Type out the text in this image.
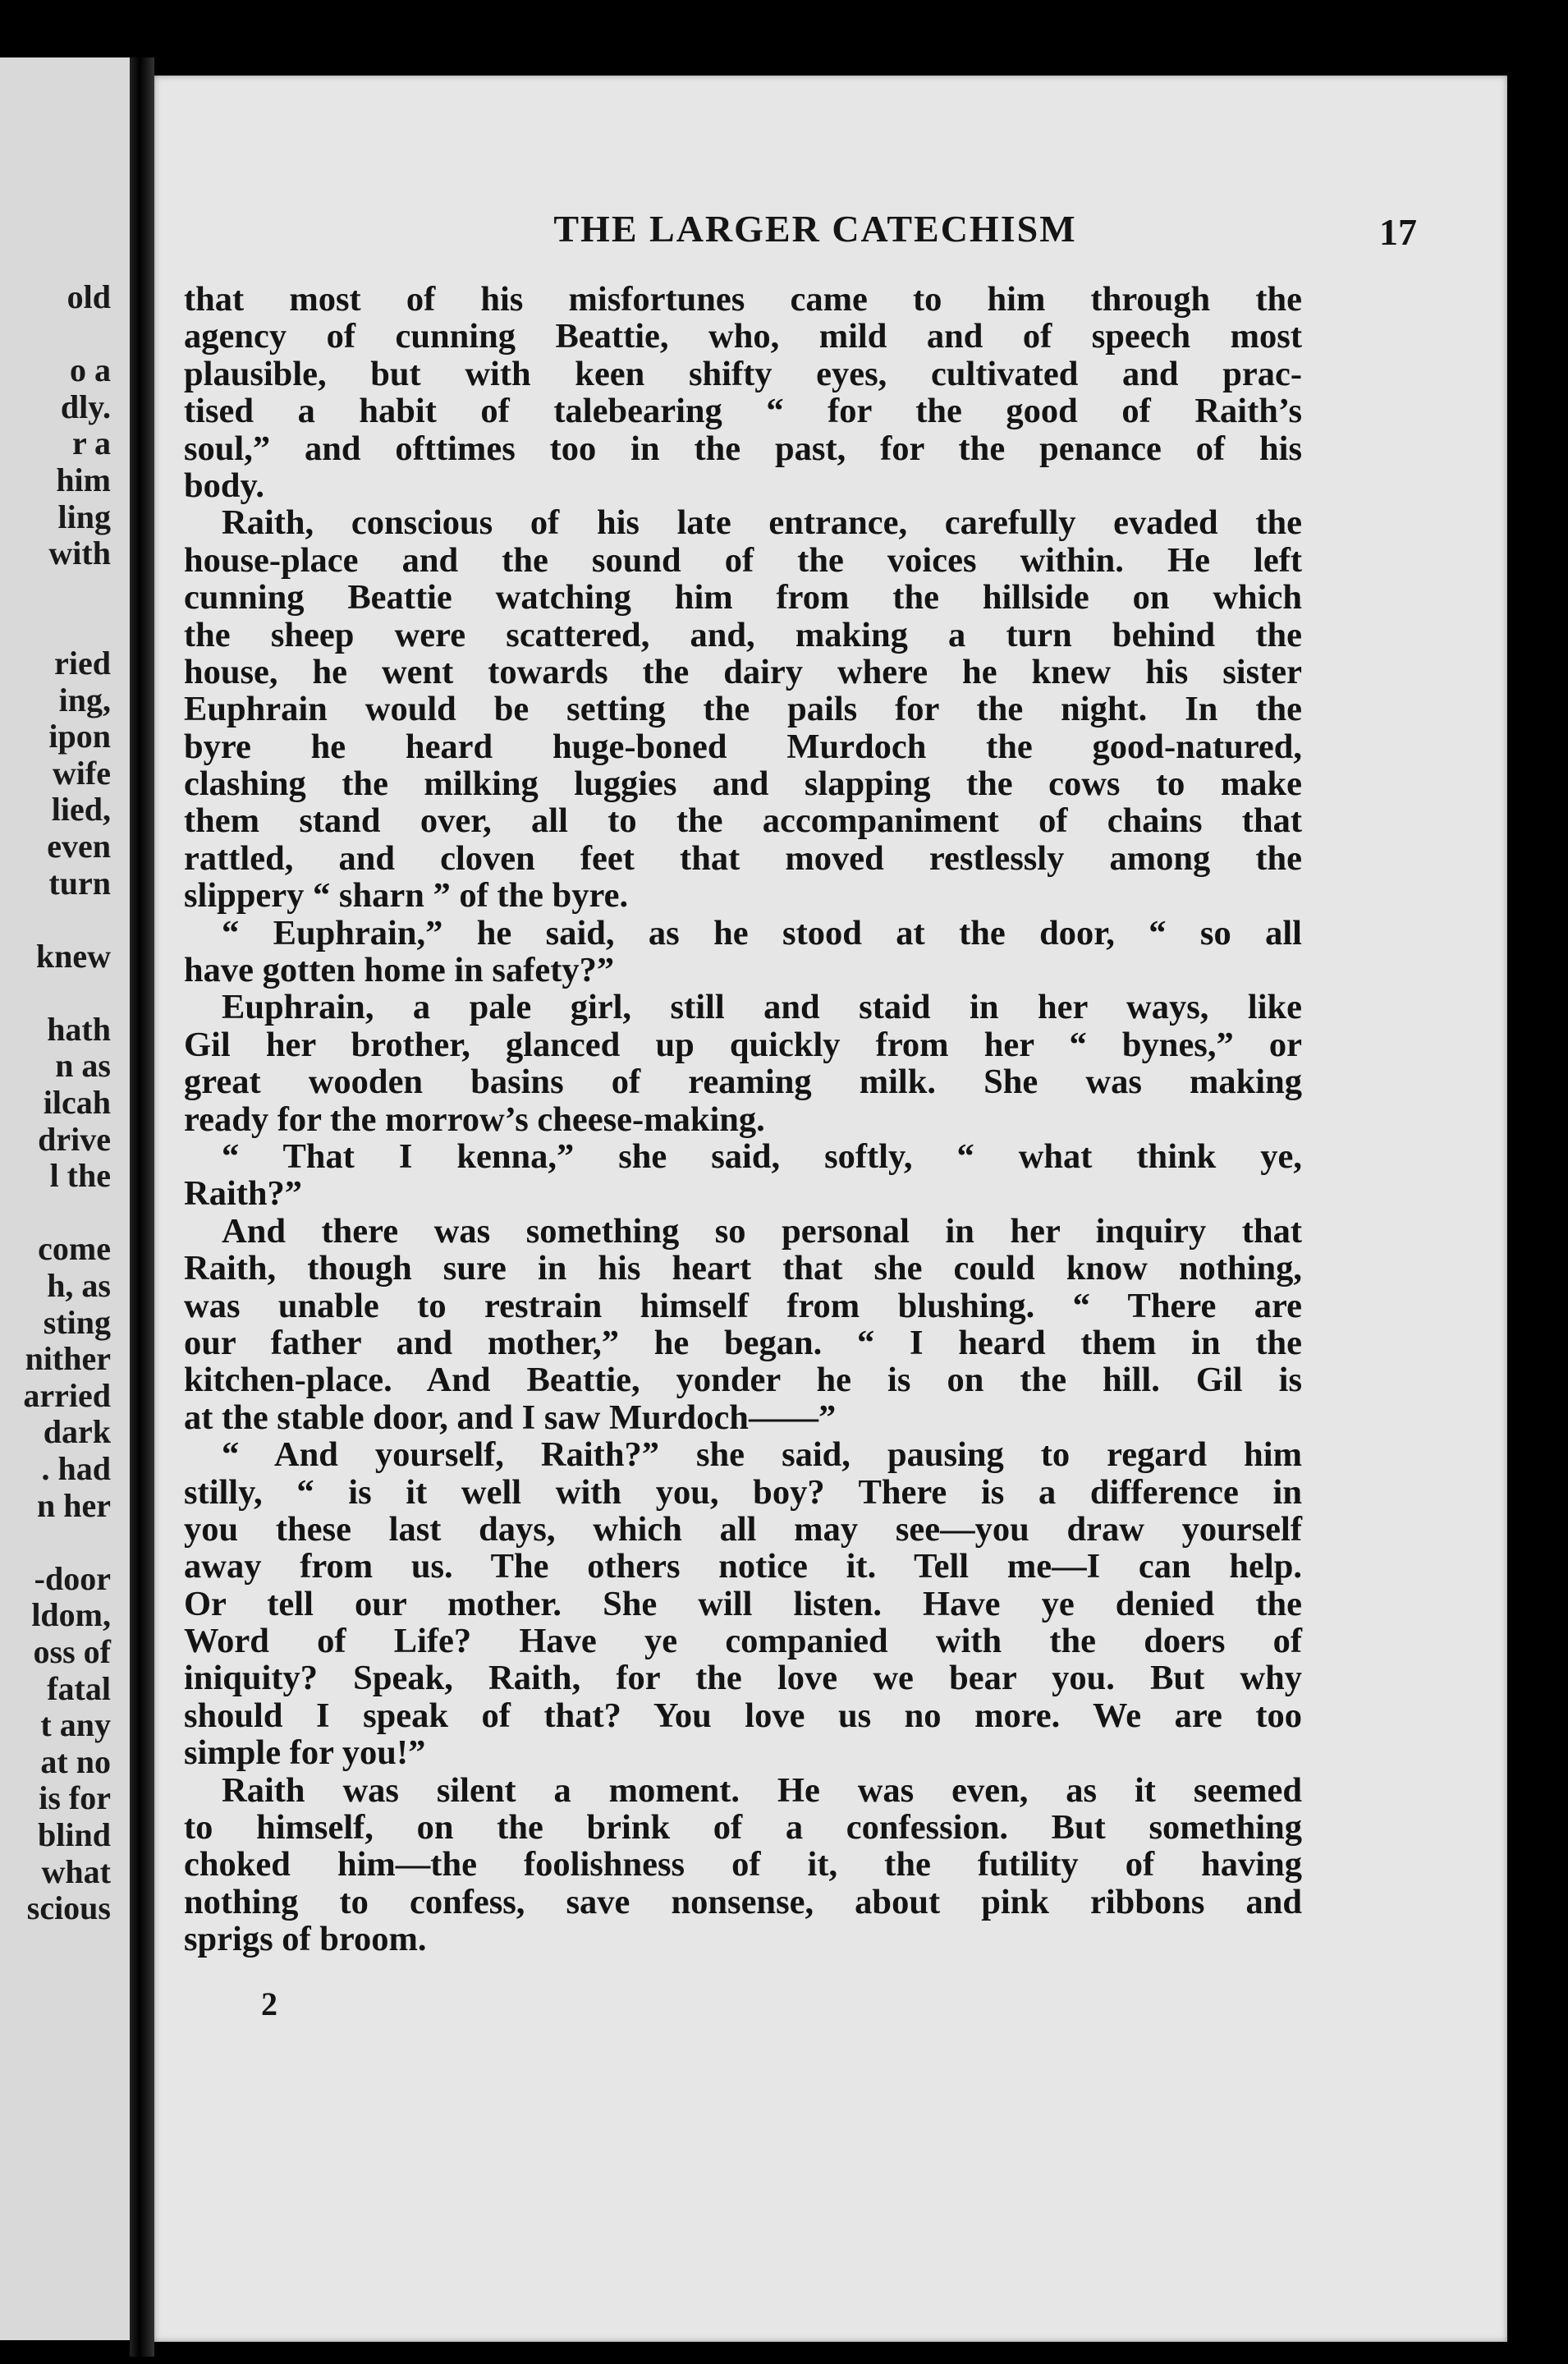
old
o a
dly.
r a
him
ling
with
ried
ing,
ipon
wife
lied,
even
turn
knew
hath
n as
ilcah
drive
l the
come
h, as
sting
nither
arried
dark
. had
n her
-door
ldom,
oss of
fatal
t any
at no
is for
blind
what
scious
THE LARGER CATECHISM	17
that most of his misfortunes came to him through the
agency of cunning Beattie, who, mild and of speech most
plausible, but with keen shifty eyes, cultivated and prac-
tised a habit of talebearing “ for the good of Raith’s
soul,” and ofttimes too in the past, for the penance of his
body.
Raith, conscious of his late entrance, carefully evaded the
house-place and the sound of the voices within. He left
cunning Beattie watching him from the hillside on which
the sheep were scattered, and, making a turn behind the
house, he went towards the dairy where he knew his sister
Euphrain would be setting the pails for the night. In the
byre he heard huge-boned Murdoch the good-natured,
clashing the milking luggies and slapping the cows to make
them stand over, all to the accompaniment of chains that
rattled, and cloven feet that moved restlessly among the
slippery “ sharn ” of the byre.
“ Euphrain,” he said, as he stood at the door, “ so all
have gotten home in safety?”
Euphrain, a pale girl, still and staid in her ways, like
Gil her brother, glanced up quickly from her “ bynes,” or
great wooden basins of reaming milk. She was making
ready for the morrow’s cheese-making.
“ That I kenna,” she said, softly, “ what think ye,
Raith?”
And there was something so personal in her inquiry that
Raith, though sure in his heart that she could know nothing,
was unable to restrain himself from blushing. “ There are
our father and mother,” he began. “ I heard them in the
kitchen-place. And Beattie, yonder he is on the hill. Gil is
at the stable door, and I saw Murdoch——”
“ And yourself, Raith?” she said, pausing to regard him
stilly, “ is it well with you, boy? There is a difference in
you these last days, which all may see—you draw yourself
away from us. The others notice it. Tell me—I can help.
Or tell our mother. She will listen. Have ye denied the
Word of Life? Have ye companied with the doers of
iniquity? Speak, Raith, for the love we bear you. But why
should I speak of that? You love us no more. We are too
simple for you!”
Raith was silent a moment. He was even, as it seemed
to himself, on the brink of a confession. But something
choked him—the foolishness of it, the futility of having
nothing to confess, save nonsense, about pink ribbons and
sprigs of broom.
2
